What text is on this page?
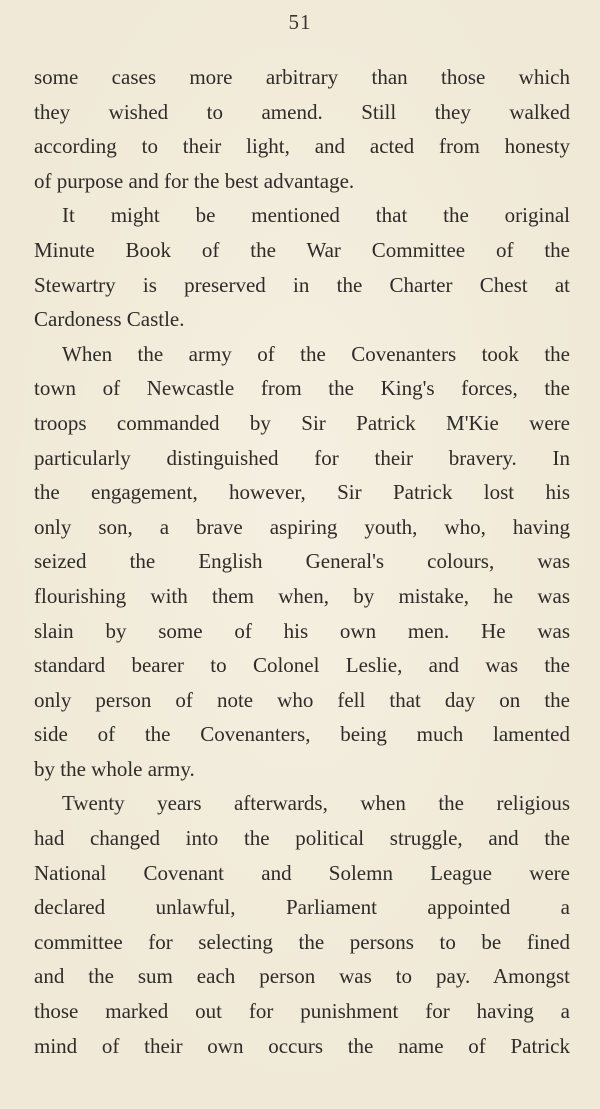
51
some cases more arbitrary than those which
they wished to amend. Still they walked
according to their light, and acted from honesty
of purpose and for the best advantage.
It might be mentioned that the original
Minute Book of the War Committee of the
Stewartry is preserved in the Charter Chest at
Cardoness Castle.
When the army of the Covenanters took the
town of Newcastle from the King's forces, the
troops commanded by Sir Patrick M'Kie were
particularly distinguished for their bravery. In
the engagement, however, Sir Patrick lost his
only son, a brave aspiring youth, who, having
seized the English General's colours, was
flourishing with them when, by mistake, he was
slain by some of his own men. He was
standard bearer to Colonel Leslie, and was the
only person of note who fell that day on the
side of the Covenanters, being much lamented
by the whole army.
Twenty years afterwards, when the religious
had changed into the political struggle, and the
National Covenant and Solemn League were
declared unlawful, Parliament appointed a
committee for selecting the persons to be fined
and the sum each person was to pay. Amongst
those marked out for punishment for having a
mind of their own occurs the name of Patrick
